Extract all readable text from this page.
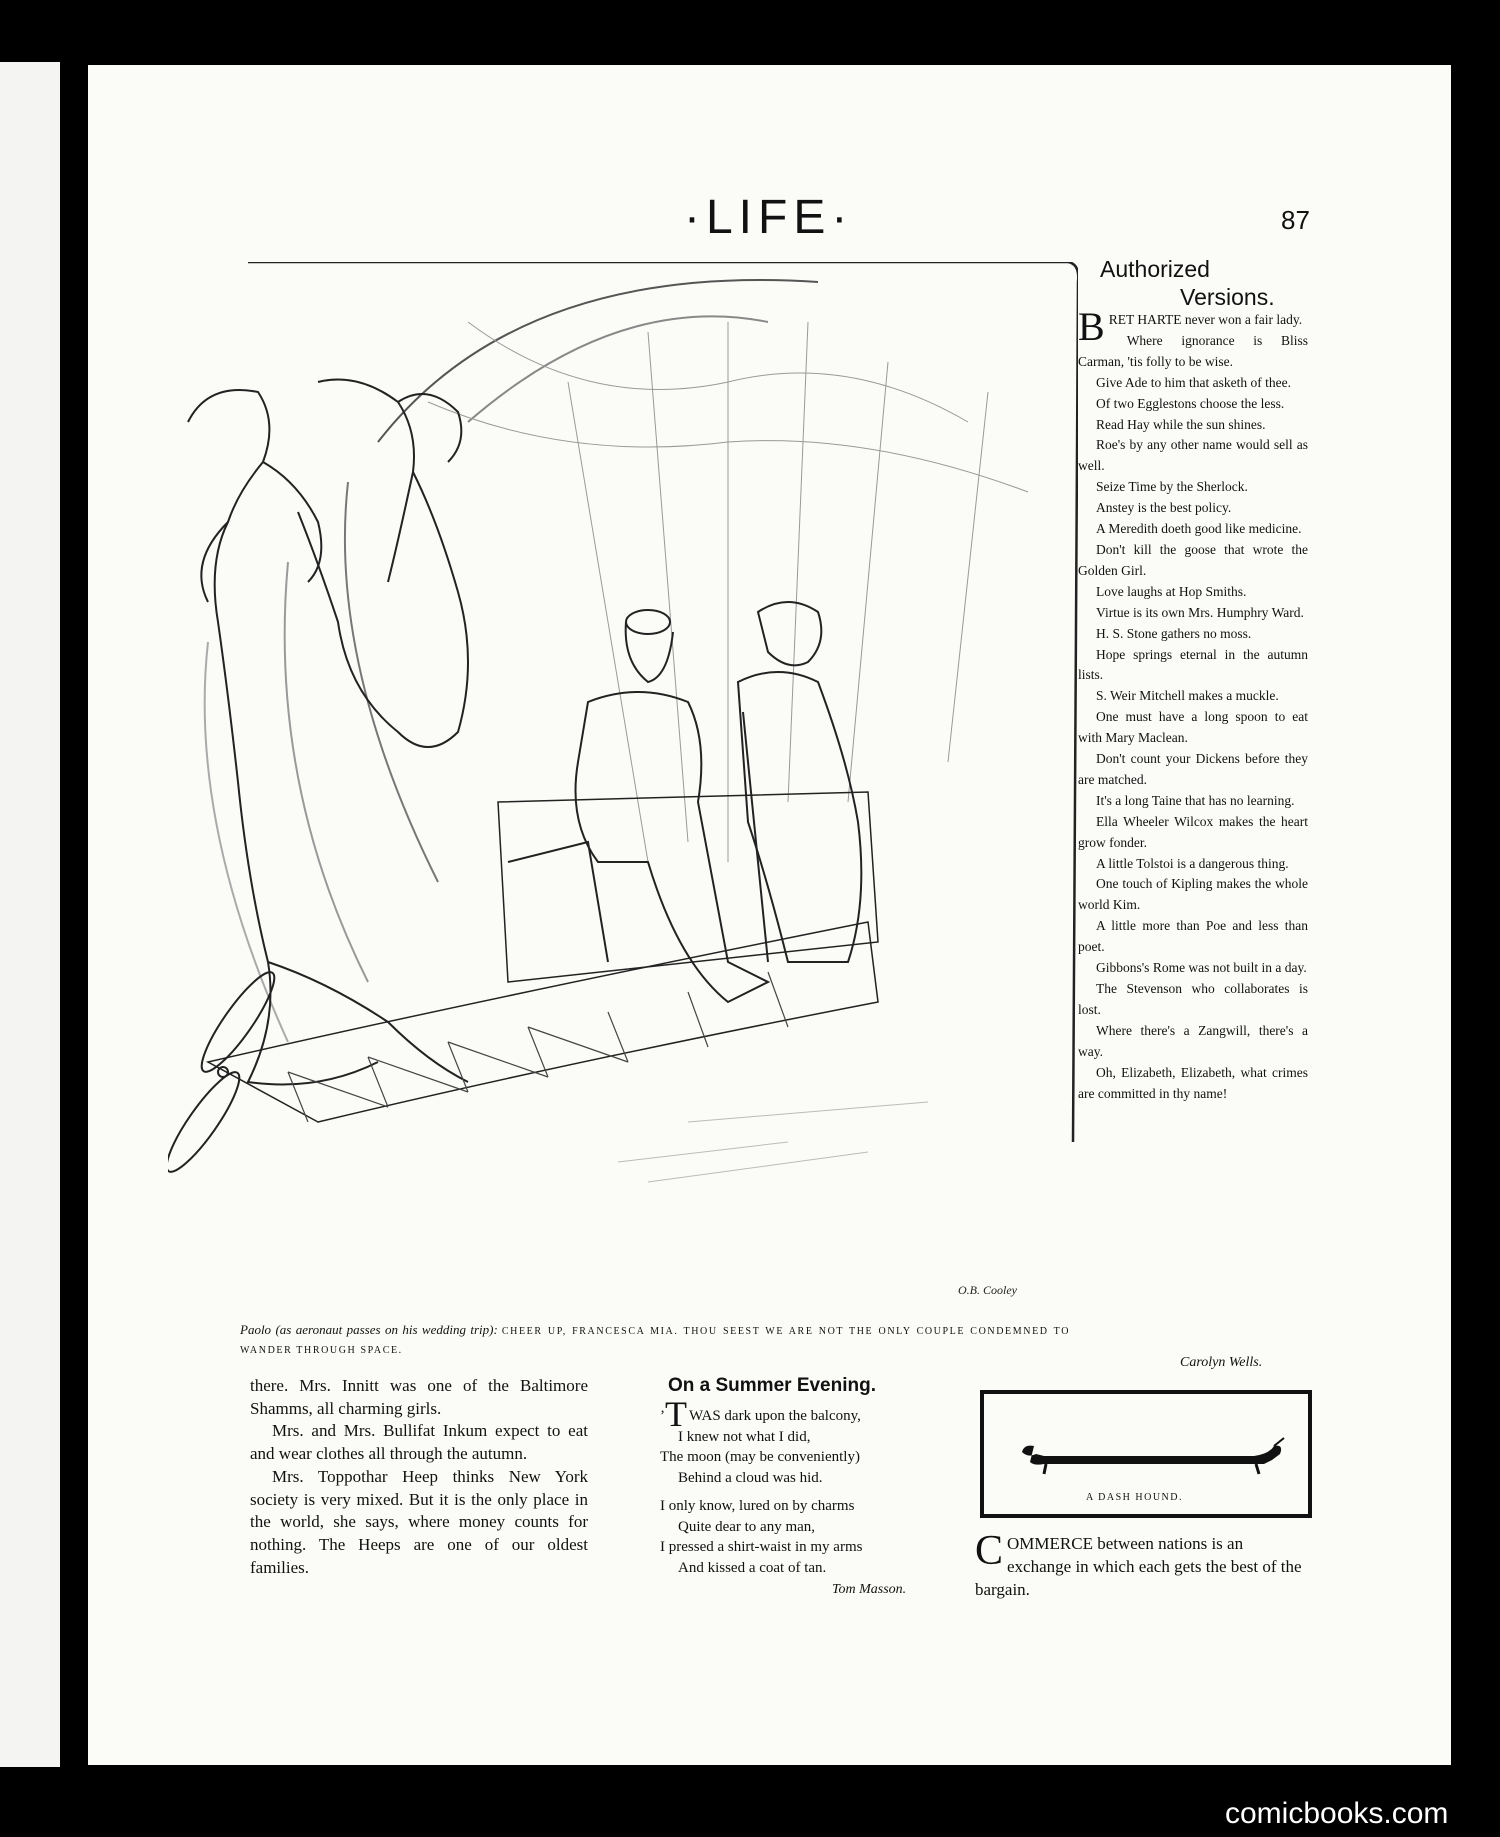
·LIFE·	87
O.B. Cooley
Paolo (as aeronaut passes on his wedding trip): CHEER UP, FRANCESCA MIA. THOU SEEST WE ARE NOT THE ONLY COUPLE CONDEMNED TO WANDER THROUGH SPACE.
Authorized
Versions.

BRET HARTE never won a fair lady.

Where ignorance is Bliss Carman, 'tis folly to be wise.

Give Ade to him that asketh of thee.

Of two Egglestons choose the less.

Read Hay while the sun shines.

Roe's by any other name would sell as well.

Seize Time by the Sherlock.

Anstey is the best policy.

A Meredith doeth good like medicine.

Don't kill the goose that wrote the Golden Girl.

Love laughs at Hop Smiths.

Virtue is its own Mrs. Humphry Ward.

H. S. Stone gathers no moss.

Hope springs eternal in the autumn lists.

S. Weir Mitchell makes a muckle.

One must have a long spoon to eat with Mary Maclean.

Don't count your Dickens before they are matched.

It's a long Taine that has no learning.

Ella Wheeler Wilcox makes the heart grow fonder.

A little Tolstoi is a dangerous thing.

One touch of Kipling makes the whole world Kim.

A little more than Poe and less than poet.

Gibbons's Rome was not built in a day.

The Stevenson who collaborates is lost.

Where there's a Zangwill, there's a way.

Oh, Elizabeth, Elizabeth, what crimes are committed in thy name!

Carolyn Wells.

there. Mrs. Innitt was one of the Baltimore Shamms, all charming girls.

Mrs. and Mrs. Bullifat Inkum expect to eat and wear clothes all through the autumn.

Mrs. Toppothar Heep thinks New York society is very mixed. But it is the only place in the world, she says, where money counts for nothing. The Heeps are one of our oldest families.

On a Summer Evening.
’T WAS dark upon the balcony,
I knew not what I did,
The moon (may be conveniently)
Behind a cloud was hid.
I only know, lured on by charms
Quite dear to any man,
I pressed a shirt-waist in my arms
And kissed a coat of tan.
Tom Masson.
A DASH HOUND.
COMMERCE between nations is an exchange in which each gets the best of the bargain.
comicbooks.com
